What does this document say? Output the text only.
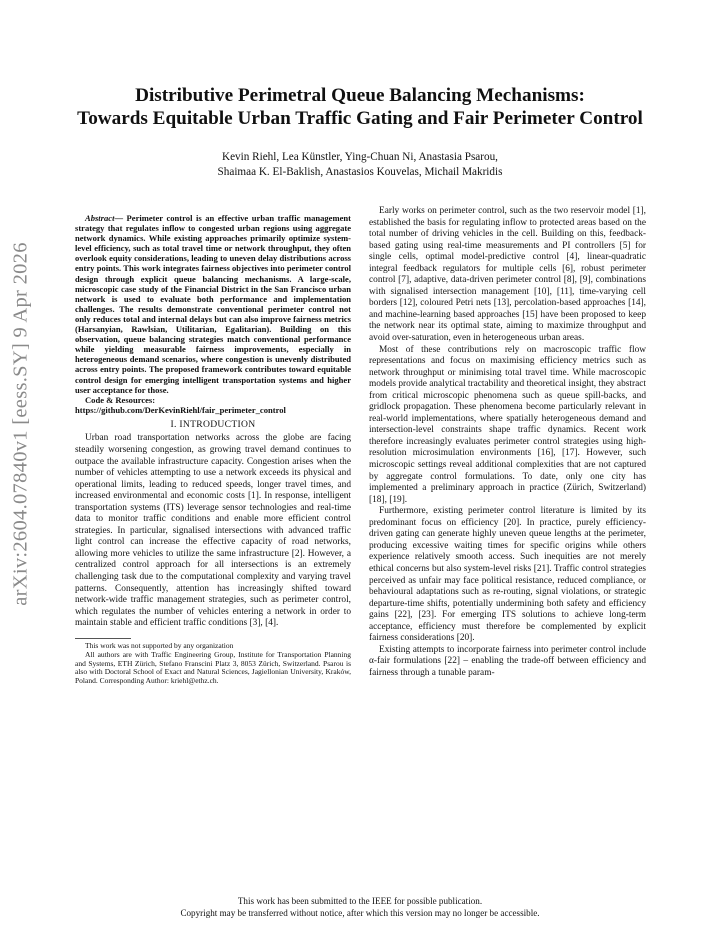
arXiv:2604.07840v1 [eess.SY] 9 Apr 2026
Distributive Perimetral Queue Balancing Mechanisms:
Towards Equitable Urban Traffic Gating and Fair Perimeter Control
Kevin Riehl, Lea Künstler, Ying-Chuan Ni, Anastasia Psarou,
Shaimaa K. El-Baklish, Anastasios Kouvelas, Michail Makridis

Abstract— Perimeter control is an effective urban traffic management strategy that regulates inflow to congested urban regions using aggregate network dynamics. While existing approaches primarily optimize system-level efficiency, such as total travel time or network throughput, they often overlook equity considerations, leading to uneven delay distributions across entry points. This work integrates fairness objectives into perimeter control design through explicit queue balancing mechanisms. A large-scale, microscopic case study of the Financial District in the San Francisco urban network is used to evaluate both performance and implementation challenges. The results demonstrate conventional perimeter control not only reduces total and internal delays but can also improve fairness metrics (Harsanyian, Rawlsian, Utilitarian, Egalitarian). Building on this observation, queue balancing strategies match conventional performance while yielding measurable fairness improvements, especially in heterogeneous demand scenarios, where congestion is unevenly distributed across entry points. The proposed framework contributes toward equitable control design for emerging intelligent transportation systems and higher user acceptance for those.

Code & Resources:
https://github.com/DerKevinRiehl/fair_perimeter_control
I. INTRODUCTION

Urban road transportation networks across the globe are facing steadily worsening congestion, as growing travel demand continues to outpace the available infrastructure capacity. Congestion arises when the number of vehicles attempting to use a network exceeds its physical and operational limits, leading to reduced speeds, longer travel times, and increased environmental and economic costs [1]. In response, intelligent transportation systems (ITS) leverage sensor technologies and real-time data to monitor traffic conditions and enable more efficient control strategies. In particular, signalised intersections with advanced traffic light control can increase the effective capacity of road networks, allowing more vehicles to utilize the same infrastructure [2]. However, a centralized control approach for all intersections is an extremely challenging task due to the computational complexity and varying travel patterns. Consequently, attention has increasingly shifted toward network-wide traffic management strategies, such as perimeter control, which regulates the number of vehicles entering a network in order to maintain stable and efficient traffic conditions [3], [4].

This work was not supported by any organization

All authors are with Traffic Engineering Group, Institute for Transportation Planning and Systems, ETH Zürich, Stefano Franscini Platz 3, 8053 Zürich, Switzerland. Psarou is also with Doctoral School of Exact and Natural Sciences, Jagiellonian University, Kraków, Poland. Corresponding Author: kriehl@ethz.ch.

Early works on perimeter control, such as the two reservoir model [1], established the basis for regulating inflow to protected areas based on the total number of driving vehicles in the cell. Building on this, feedback-based gating using real-time measurements and PI controllers [5] for single cells, optimal model-predictive control [4], linear-quadratic integral feedback regulators for multiple cells [6], robust perimeter control [7], adaptive, data-driven perimeter control [8], [9], combinations with signalised intersection management [10], [11], time-varying cell borders [12], coloured Petri nets [13], percolation-based approaches [14], and machine-learning based approaches [15] have been proposed to keep the network near its optimal state, aiming to maximize throughput and avoid over-saturation, even in heterogeneous urban areas.

Most of these contributions rely on macroscopic traffic flow representations and focus on maximising efficiency metrics such as network throughput or minimising total travel time. While macroscopic models provide analytical tractability and theoretical insight, they abstract from critical microscopic phenomena such as queue spill-backs, and gridlock propagation. These phenomena become particularly relevant in real-world implementations, where spatially heterogeneous demand and intersection-level constraints shape traffic dynamics. Recent work therefore increasingly evaluates perimeter control strategies using high-resolution microsimulation environments [16], [17]. However, such microscopic settings reveal additional complexities that are not captured by aggregate control formulations. To date, only one city has implemented a preliminary approach in practice (Zürich, Switzerland) [18], [19].

Furthermore, existing perimeter control literature is limited by its predominant focus on efficiency [20]. In practice, purely efficiency-driven gating can generate highly uneven queue lengths at the perimeter, producing excessive waiting times for specific origins while others experience relatively smooth access. Such inequities are not merely ethical concerns but also system-level risks [21]. Traffic control strategies perceived as unfair may face political resistance, reduced compliance, or behavioural adaptations such as re-routing, signal violations, or strategic departure-time shifts, potentially undermining both safety and efficiency gains [22], [23]. For emerging ITS solutions to achieve long-term acceptance, efficiency must therefore be complemented by explicit fairness considerations [20].

Existing attempts to incorporate fairness into perimeter control include α-fair formulations [22] – enabling the trade-off between efficiency and fairness through a tunable param-

This work has been submitted to the IEEE for possible publication.
Copyright may be transferred without notice, after which this version may no longer be accessible.
